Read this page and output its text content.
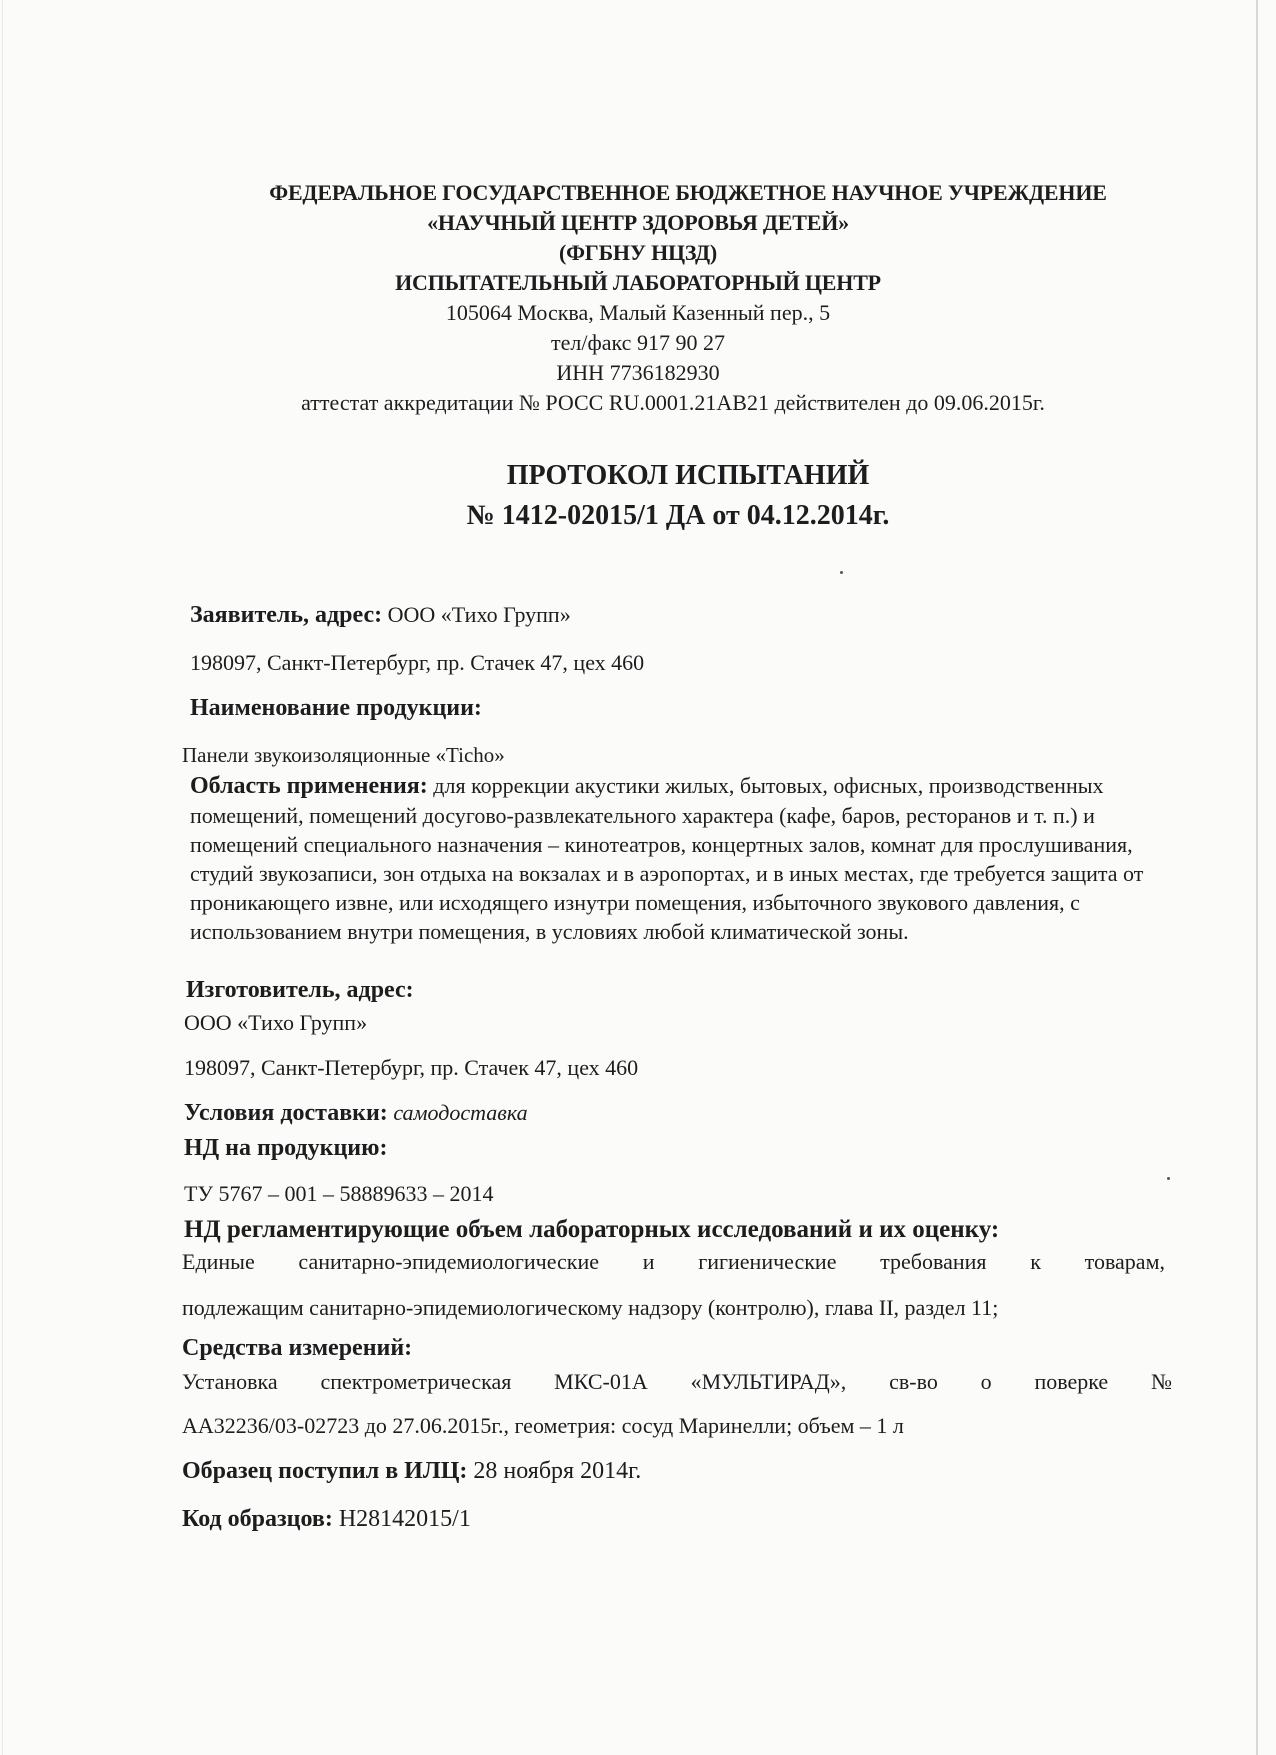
ФЕДЕРАЛЬНОЕ ГОСУДАРСТВЕННОЕ БЮДЖЕТНОЕ НАУЧНОЕ УЧРЕЖДЕНИЕ
«НАУЧНЫЙ ЦЕНТР ЗДОРОВЬЯ ДЕТЕЙ»
(ФГБНУ НЦЗД)
ИСПЫТАТЕЛЬНЫЙ ЛАБОРАТОРНЫЙ ЦЕНТР
105064 Москва, Малый Казенный пер., 5
тел/факс 917 90 27
ИНН 7736182930
аттестат аккредитации № РОСС RU.0001.21АВ21 действителен до 09.06.2015г.
ПРОТОКОЛ ИСПЫТАНИЙ
№ 1412-02015/1 ДА от 04.12.2014г.
Заявитель, адрес: ООО «Тихо Групп»
198097, Санкт-Петербург, пр. Стачек 47, цех 460
Наименование продукции:
Панели звукоизоляционные «Ticho»
Область применения: для коррекции акустики жилых, бытовых, офисных, производственных помещений, помещений досугово-развлекательного характера (кафе, баров, ресторанов и т. п.) и помещений специального назначения – кинотеатров, концертных залов, комнат для прослушивания, студий звукозаписи, зон отдыха на вокзалах и в аэропортах, и в иных местах, где требуется защита от проникающего извне, или исходящего изнутри помещения, избыточного звукового давления, с использованием внутри помещения, в условиях любой климатической зоны.
Изготовитель, адрес:
ООО «Тихо Групп»
198097, Санкт-Петербург, пр. Стачек 47, цех 460
Условия доставки: самодоставка
НД на продукцию:
ТУ 5767 – 001 – 58889633 – 2014
НД регламентирующие объем лабораторных исследований и их оценку:
Единые санитарно-эпидемиологические и гигиенические требования к товарам,
подлежащим санитарно-эпидемиологическому надзору (контролю), глава II, раздел 11;
Средства измерений:
Установка спектрометрическая МКС-01А «МУЛЬТИРАД», св-во о поверке №
АА32236/03-02723 до 27.06.2015г., геометрия: сосуд Маринелли; объем – 1 л
Образец поступил в ИЛЦ: 28 ноября 2014г.
Код образцов: Н28142015/1
